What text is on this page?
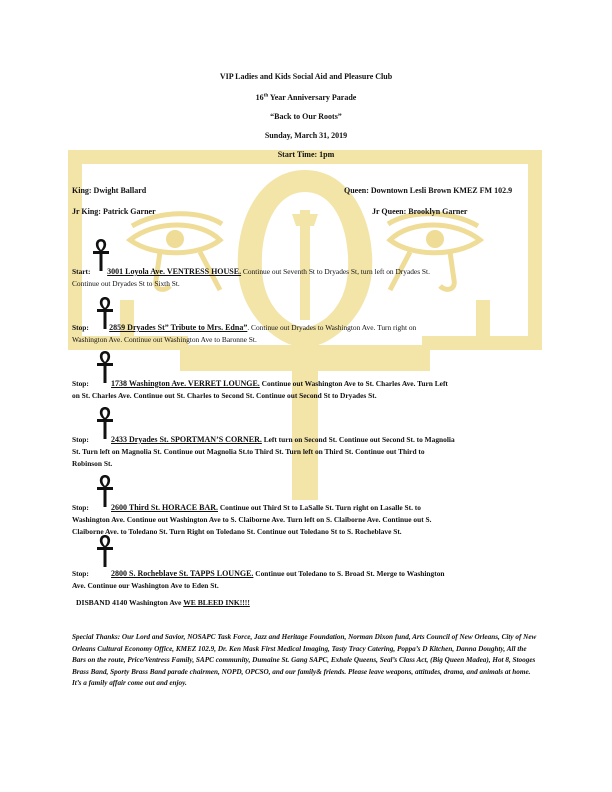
VIP Ladies and Kids Social Aid and Pleasure Club
16th Year Anniversary Parade
“Back to Our Roots”
Sunday, March 31, 2019
Start Time: 1pm
King: Dwight Ballard	Queen: Downtown Lesli Brown KMEZ FM 102.9
Jr King: Patrick Garner	Jr Queen: Brooklyn Garner
Start: 3001 Loyola Ave. VENTRESS HOUSE. Continue out Seventh St to Dryades St, turn left on Dryades St.
Continue out Dryades St to Sixth St.
Stop:	2859 Dryades St” Tribute to Mrs. Edna”. Continue out Dryades to Washington Ave. Turn right on
Washington Ave. Continue out Washington Ave to Baronne St.
Stop:	1738 Washington Ave. VERRET LOUNGE. Continue out Washington Ave to St. Charles Ave. Turn Left
on St. Charles Ave. Continue out St. Charles to Second St. Continue out Second St to Dryades St.
Stop:	2433 Dryades St. SPORTMAN’S CORNER. Left turn on Second St. Continue out Second St. to Magnolia
St. Turn left on Magnolia St. Continue out Magnolia St.to Third St. Turn left on Third St. Continue out Third to
Robinson St.
Stop:	2600 Third St. HORACE BAR. Continue out Third St to LaSalle St. Turn right on Lasalle St. to
Washington Ave. Continue out Washington Ave to S. Claiborne Ave. Turn left on S. Claiborne Ave. Continue out S.
Claiborne Ave. to Toledano St. Turn Right on Toledano St. Continue out Toledano St to S. Rocheblave St.
Stop:	2800 S. Rocheblave St. TAPPS LOUNGE. Continue out Toledano to S. Broad St. Merge to Washington
Ave. Continue our Washington Ave to Eden St.
DISBAND 4140 Washington Ave WE BLEED INK!!!!
Special Thanks: Our Lord and Savior, NOSAPC Task Force, Jazz and Heritage Foundation, Norman Dixon fund, Arts Council of New Orleans, City of New Orleans Cultural Economy Office, KMEZ 102.9, Dr. Ken Mask First Medical Imaging, Tasty Tracy Catering, Poppa’s D Kitchen, Danna Doughty, All the Bars on the route, Price/Ventress Family, SAPC community, Dumaine St. Gang SAPC, Exhale Queens, Seal’s Class Act, (Big Queen Madea), Hot 8, Stooges Brass Band, Sporty Brass Band parade chairmen, NOPD, OPCSO, and our family& friends. Please leave weapons, attitudes, drama, and animals at home. It’s a family affair come out and enjoy.
